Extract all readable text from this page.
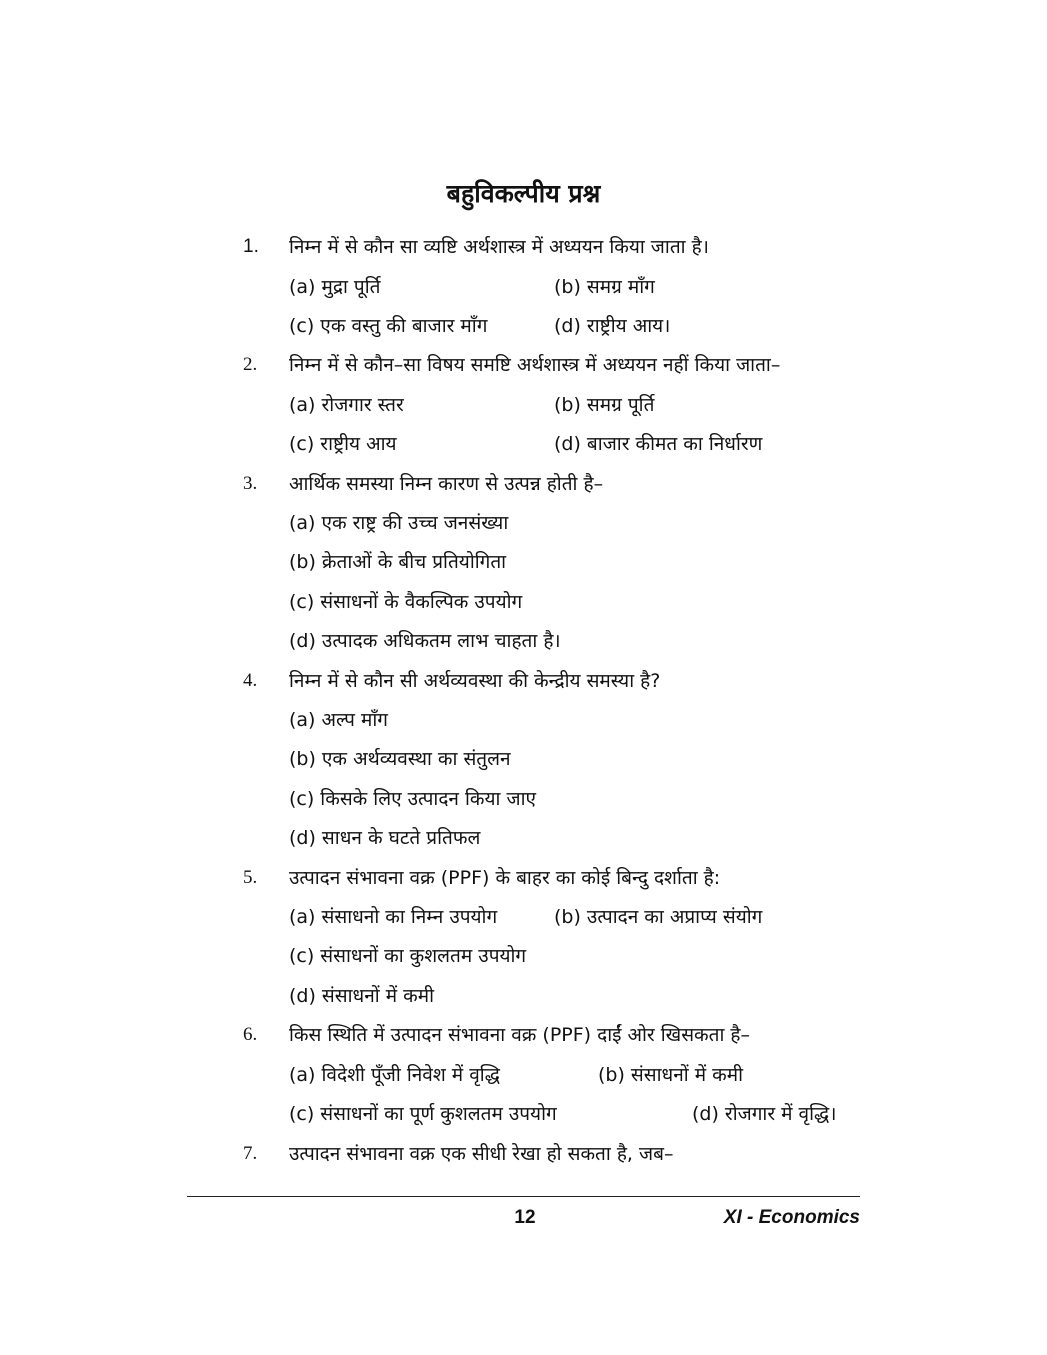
बहुविकल्पीय प्रश्न
1. निम्न में से कौन सा व्यष्टि अर्थशास्त्र में अध्ययन किया जाता है।
(a) मुद्रा पूर्ति	(b) समग्र माँग
(c) एक वस्तु की बाजार माँग	(d) राष्ट्रीय आय।
2. निम्न में से कौन–सा विषय समष्टि अर्थशास्त्र में अध्ययन नहीं किया जाता–
(a) रोजगार स्तर	(b) समग्र पूर्ति
(c) राष्ट्रीय आय	(d) बाजार कीमत का निर्धारण
3. आर्थिक समस्या निम्न कारण से उत्पन्न होती है–
(a) एक राष्ट्र की उच्च जनसंख्या
(b) क्रेताओं के बीच प्रतियोगिता
(c) संसाधनों के वैकल्पिक उपयोग
(d) उत्पादक अधिकतम लाभ चाहता है।
4. निम्न में से कौन सी अर्थव्यवस्था की केन्द्रीय समस्या है?
(a) अल्प माँग
(b) एक अर्थव्यवस्था का संतुलन
(c) किसके लिए उत्पादन किया जाए
(d) साधन के घटते प्रतिफल
5. उत्पादन संभावना वक्र (PPF) के बाहर का कोई बिन्दु दर्शाता है:
(a) संसाधनो का निम्न उपयोग	(b) उत्पादन का अप्राप्य संयोग
(c) संसाधनों का कुशलतम उपयोग
(d) संसाधनों में कमी
6. किस स्थिति में उत्पादन संभावना वक्र (PPF) दाईं ओर खिसकता है–
(a) विदेशी पूँजी निवेश में वृद्धि	(b) संसाधनों में कमी
(c) संसाधनों का पूर्ण कुशलतम उपयोग	(d) रोजगार में वृद्धि।
7. उत्पादन संभावना वक्र एक सीधी रेखा हो सकता है, जब–
12	XI - Economics
